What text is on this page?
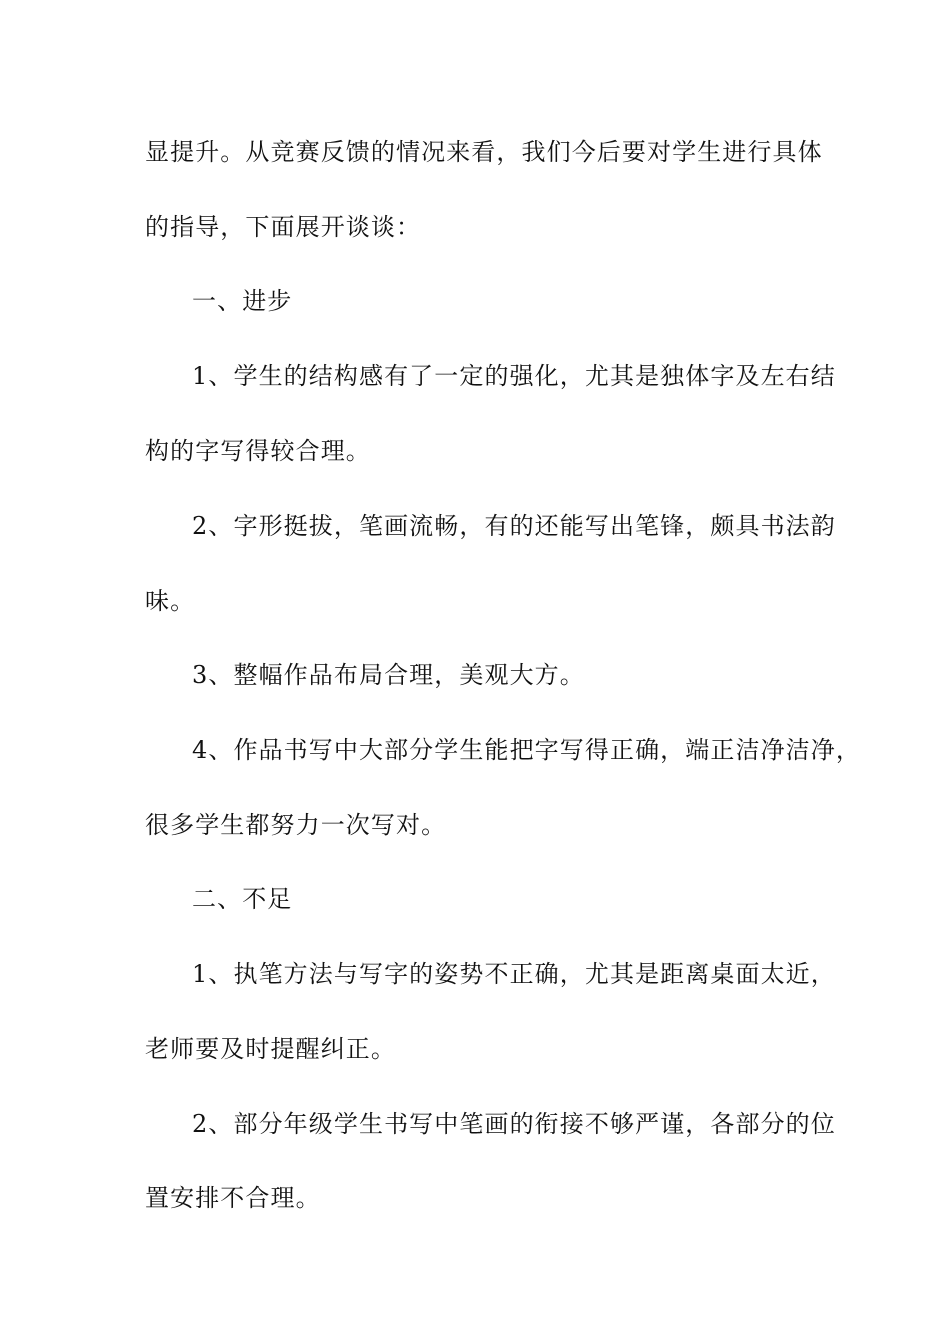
显提升。从竞赛反馈的情况来看，我们今后要对学生进行具体
的指导，下面展开谈谈：
一、进步
1、学生的结构感有了一定的强化，尤其是独体字及左右结
构的字写得较合理。
2、字形挺拔，笔画流畅，有的还能写出笔锋，颇具书法韵
味。
3、整幅作品布局合理，美观大方。
4、作品书写中大部分学生能把字写得正确，端正洁净洁净，
很多学生都努力一次写对。
二、不足
1、执笔方法与写字的姿势不正确，尤其是距离桌面太近，
老师要及时提醒纠正。
2、部分年级学生书写中笔画的衔接不够严谨，各部分的位
置安排不合理。
